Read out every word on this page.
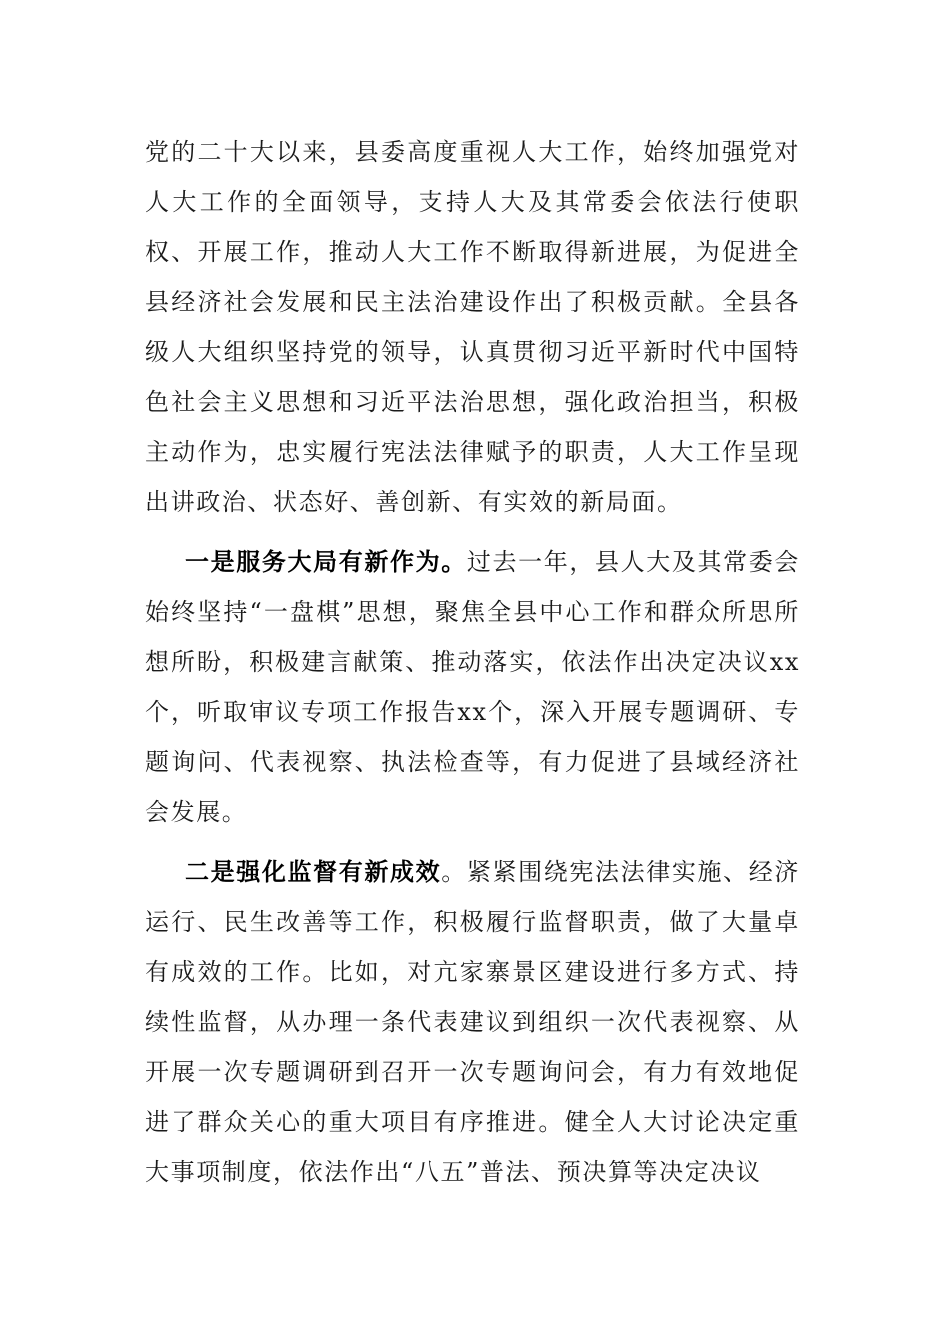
党的二十大以来，县委高度重视人大工作，始终加强党对人大工作的全面领导，支持人大及其常委会依法行使职权、开展工作，推动人大工作不断取得新进展，为促进全县经济社会发展和民主法治建设作出了积极贡献。全县各级人大组织坚持党的领导，认真贯彻习近平新时代中国特色社会主义思想和习近平法治思想，强化政治担当，积极主动作为，忠实履行宪法法律赋予的职责，人大工作呈现出讲政治、状态好、善创新、有实效的新局面。

一是服务大局有新作为。过去一年，县人大及其常委会始终坚持“一盘棋”思想，聚焦全县中心工作和群众所思所想所盼，积极建言献策、推动落实，依法作出决定决议xx个，听取审议专项工作报告xx个，深入开展专题调研、专题询问、代表视察、执法检查等，有力促进了县域经济社会发展。

二是强化监督有新成效。紧紧围绕宪法法律实施、经济运行、民生改善等工作，积极履行监督职责，做了大量卓有成效的工作。比如，对亢家寨景区建设进行多方式、持续性监督，从办理一条代表建议到组织一次代表视察、从开展一次专题调研到召开一次专题询问会，有力有效地促进了群众关心的重大项目有序推进。健全人大讨论决定重大事项制度，依法作出“八五”普法、预决算等决定决议
